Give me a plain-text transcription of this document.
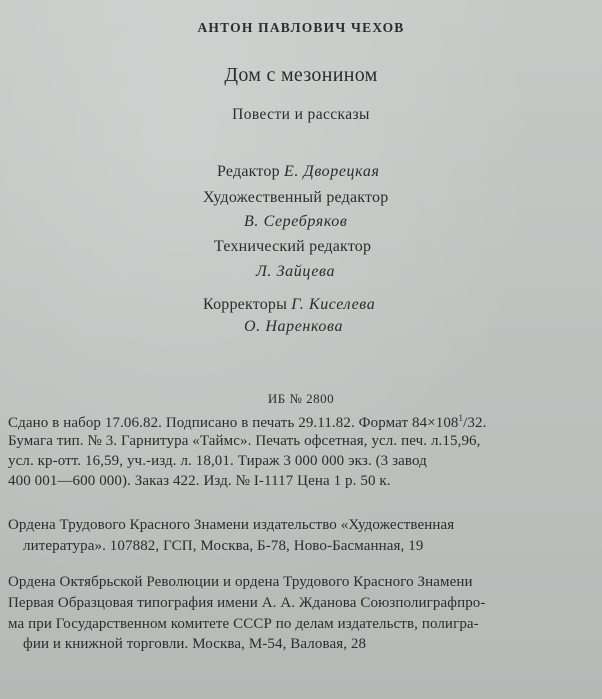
АНТОН ПАВЛОВИЧ ЧЕХОВ
Дом с мезонином
Повести и рассказы
Редактор Е. Дворецкая
Художественный редактор
В. Серебряков
Технический редактор
Л. Зайцева
Корректоры Г. Киселева
О. Наренкова
ИБ № 2800
Сдано в набор 17.06.82. Подписано в печать 29.11.82. Формат $84\times 108^1/32$.
Бумага тип. № 3. Гарнитура «Таймс». Печать офсетная, усл. печ. л.15,96,
усл. кр-отт. 16,59, уч.-изд. л. 18,01. Тираж 3 000 000 экз. (3 завод
400 001—600 000). Заказ 422. Изд. № I-1117 Цена 1 р. 50 к.
Ордена Трудового Красного Знамени издательство «Художественная
литература». 107882, ГСП, Москва, Б-78, Ново-Басманная, 19
Ордена Октябрьской Революции и ордена Трудового Красного Знамени
Первая Образцовая типография имени А. А. Жданова Союзполиграфпро-
ма при Государственном комитете СССР по делам издательств, полигра-
фии и книжной торговли. Москва, М-54, Валовая, 28
